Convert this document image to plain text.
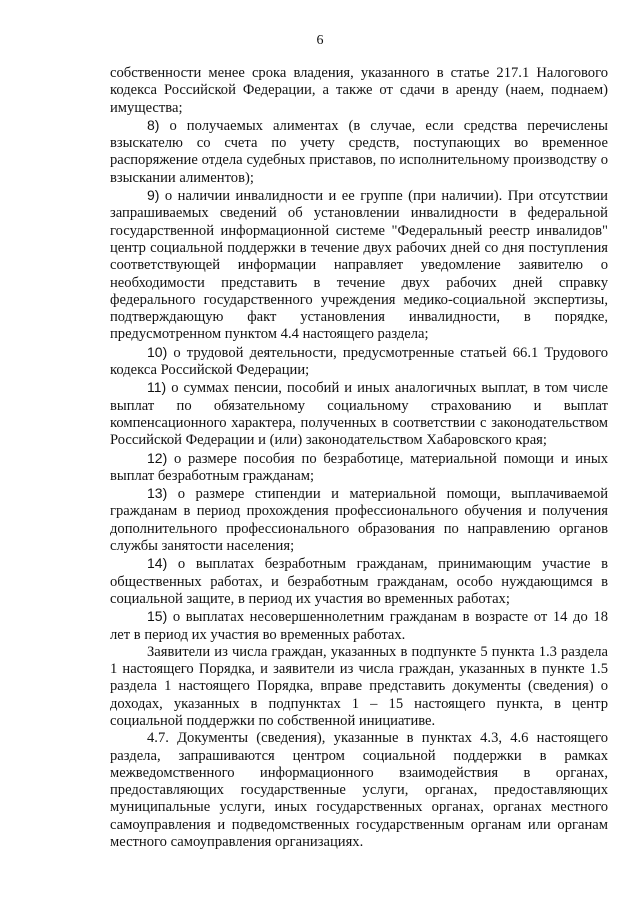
6

собственности менее срока владения, указанного в статье 217.1 Налогового кодекса Российской Федерации, а также от сдачи в аренду (наем, поднаем) имущества;

8) о получаемых алиментах (в случае, если средства перечислены взыскателю со счета по учету средств, поступающих во временное распоряжение отдела судебных приставов, по исполнительному производству о взыскании алиментов);

9) о наличии инвалидности и ее группе (при наличии). При отсутствии запрашиваемых сведений об установлении инвалидности в федеральной государственной информационной системе "Федеральный реестр инвалидов" центр социальной поддержки в течение двух рабочих дней со дня поступления соответствующей информации направляет уведомление заявителю о необходимости представить в течение двух рабочих дней справку федерального государственного учреждения медико-социальной экспертизы, подтверждающую факт установления инвалидности, в порядке, предусмотренном пунктом 4.4 настоящего раздела;

10) о трудовой деятельности, предусмотренные статьей 66.1 Трудового кодекса Российской Федерации;

11) о суммах пенсии, пособий и иных аналогичных выплат, в том числе выплат по обязательному социальному страхованию и выплат компенсационного характера, полученных в соответствии с законодательством Российской Федерации и (или) законодательством Хабаровского края;

12) о размере пособия по безработице, материальной помощи и иных выплат безработным гражданам;

13) о размере стипендии и материальной помощи, выплачиваемой гражданам в период прохождения профессионального обучения и получения дополнительного профессионального образования по направлению органов службы занятости населения;

14) о выплатах безработным гражданам, принимающим участие в общественных работах, и безработным гражданам, особо нуждающимся в социальной защите, в период их участия во временных работах;

15) о выплатах несовершеннолетним гражданам в возрасте от 14 до 18 лет в период их участия во временных работах.

Заявители из числа граждан, указанных в подпункте 5 пункта 1.3 раздела 1 настоящего Порядка, и заявители из числа граждан, указанных в пункте 1.5 раздела 1 настоящего Порядка, вправе представить документы (сведения) о доходах, указанных в подпунктах 1 – 15 настоящего пункта, в центр социальной поддержки по собственной инициативе.

4.7. Документы (сведения), указанные в пунктах 4.3, 4.6 настоящего раздела, запрашиваются центром социальной поддержки в рамках межведомственного информационного взаимодействия в органах, предоставляющих государственные услуги, органах, предоставляющих муниципальные услуги, иных государственных органах, органах местного самоуправления и подведомственных государственным органам или органам местного самоуправления организациях.
